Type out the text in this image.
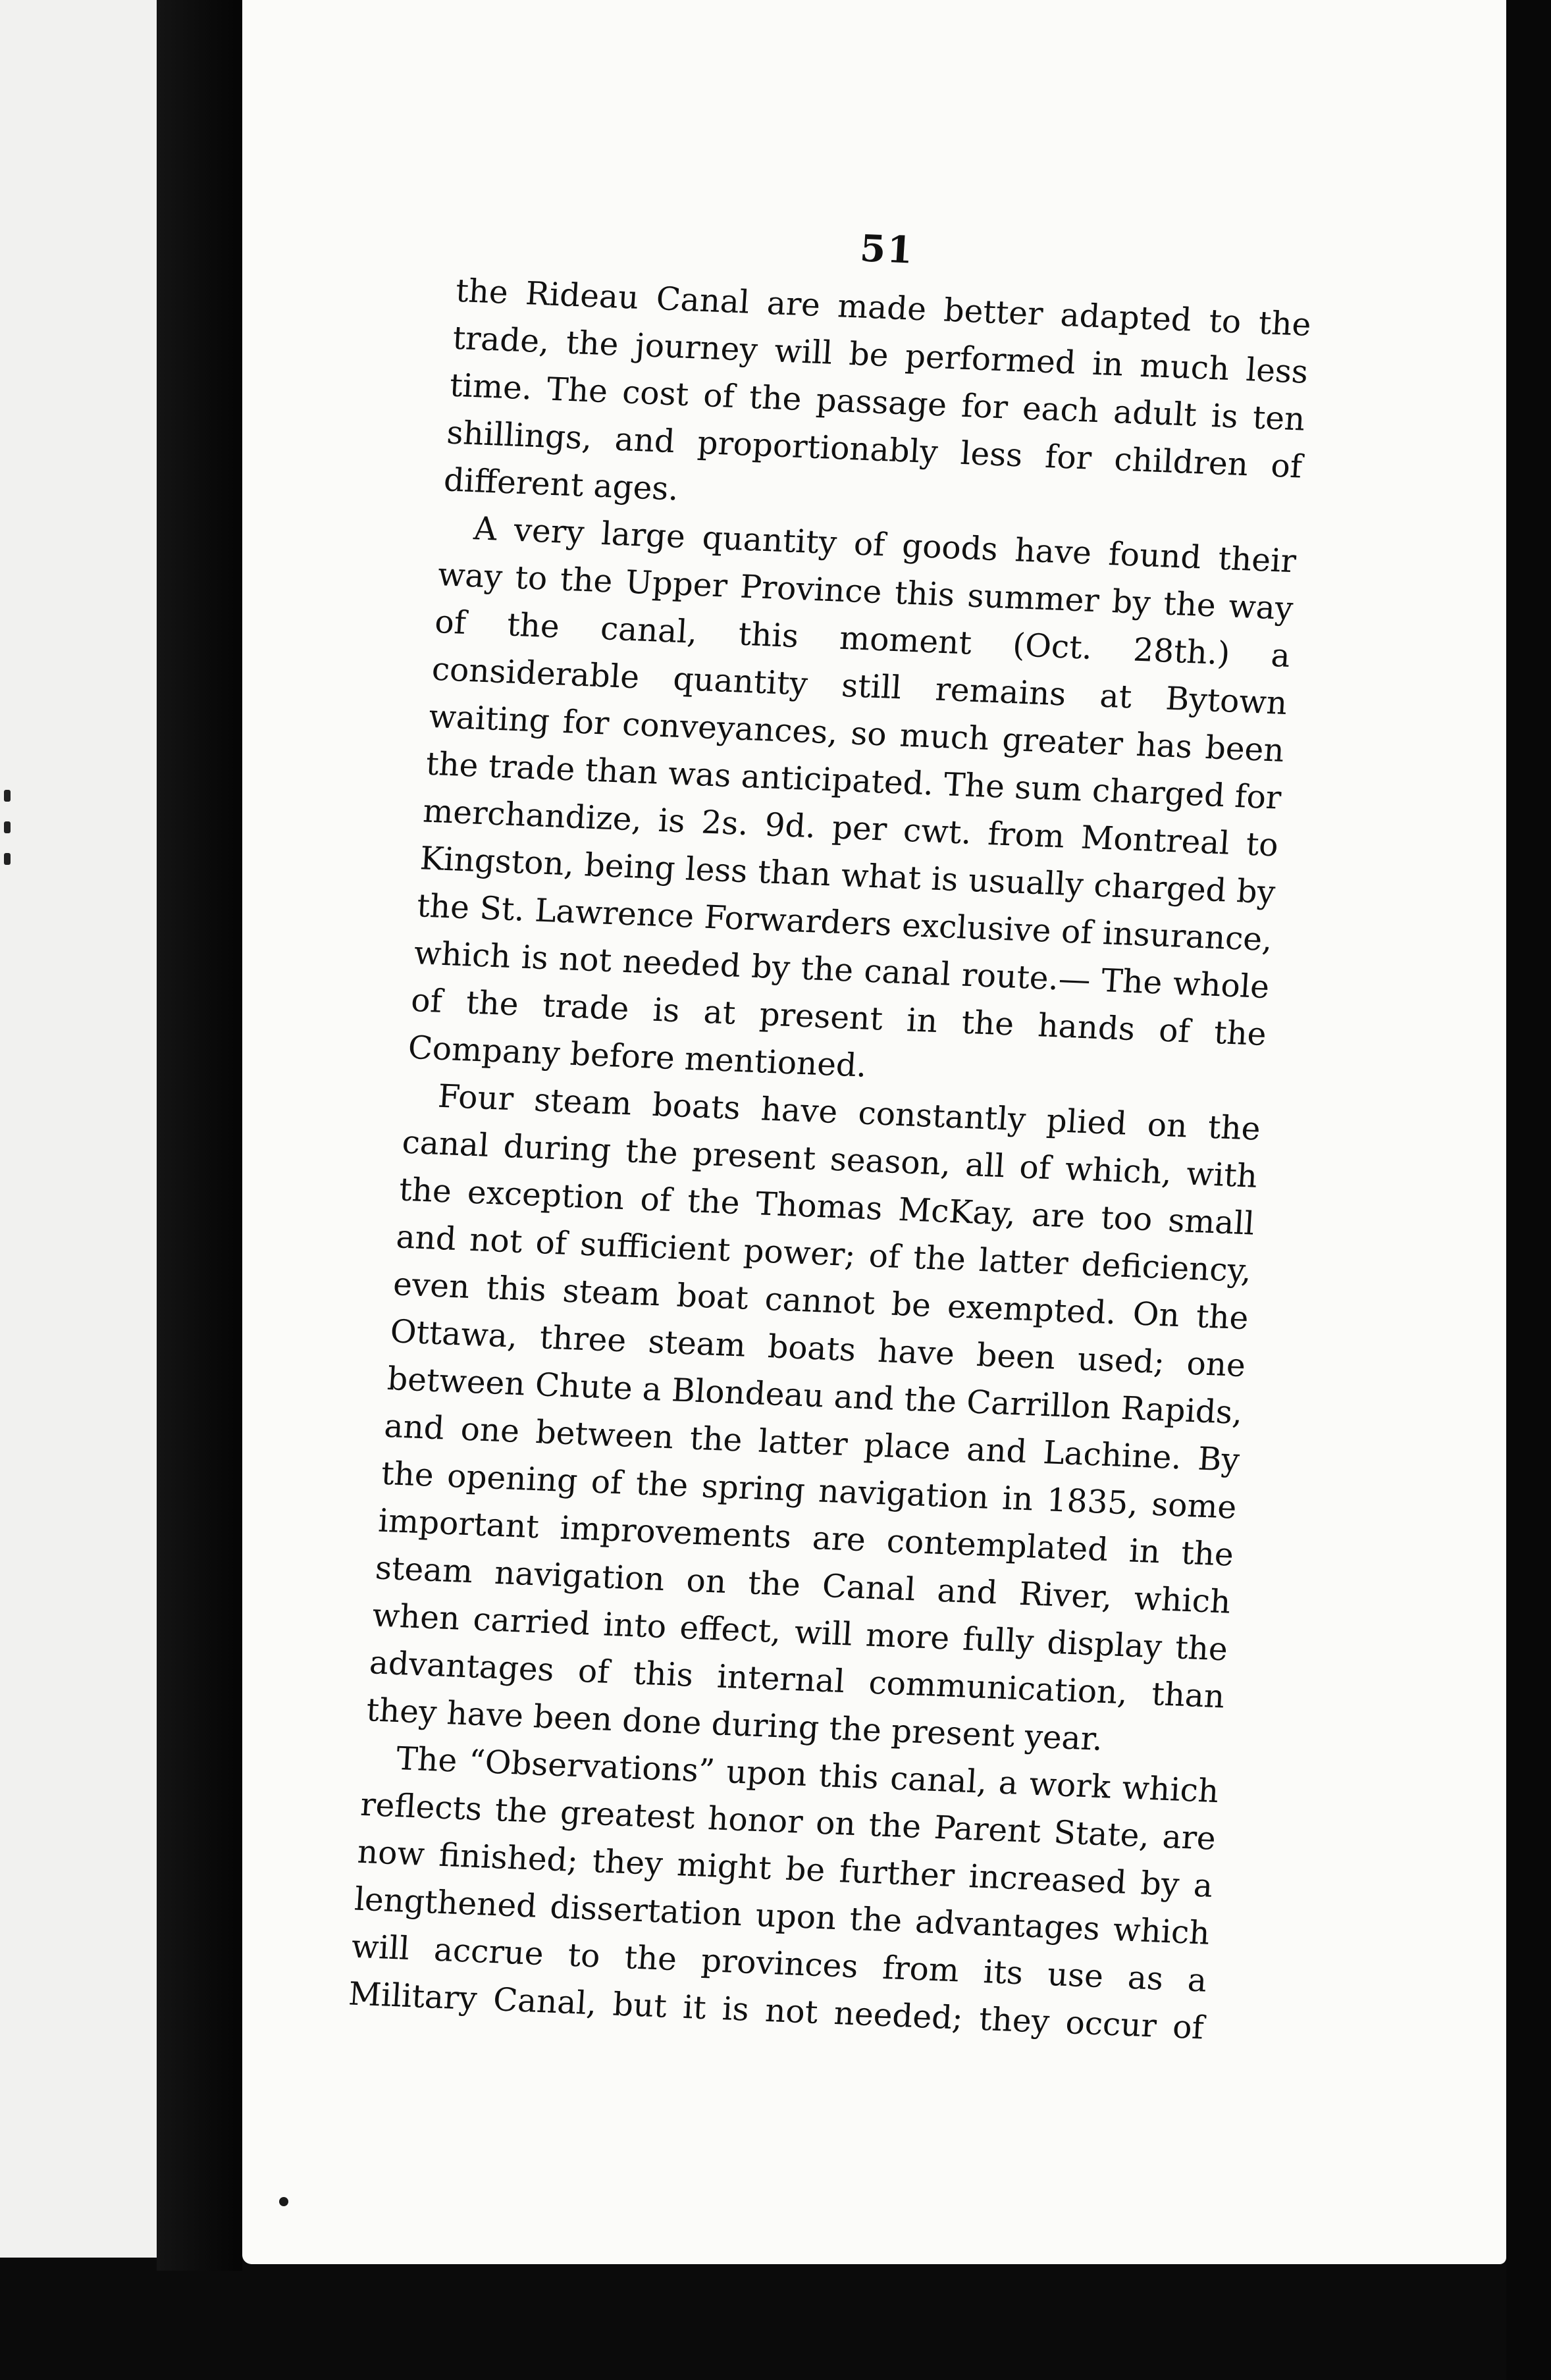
51

the Rideau Canal are made better adapted to the trade, the journey will be performed in much less time. The cost of the passage for each adult is ten shillings, and proportionably less for children of different ages.

A very large quantity of goods have found their way to the Upper Province this summer by the way of the canal, this moment (Oct. 28th.) a considerable quantity still remains at Bytown waiting for conveyances, so much greater has been the trade than was anticipated. The sum charged for merchandize, is 2s. 9d. per cwt. from Montreal to Kingston, being less than what is usually charged by the St. Lawrence Forwarders exclusive of insurance, which is not needed by the canal route.— The whole of the trade is at present in the hands of the Company before mentioned.

Four steam boats have constantly plied on the canal during the present season, all of which, with the exception of the Thomas McKay, are too small and not of sufficient power; of the latter deficiency, even this steam boat cannot be exempted. On the Ottawa, three steam boats have been used; one between Chute a Blondeau and the Carrillon Rapids, and one between the latter place and Lachine. By the opening of the spring navigation in 1835, some important improvements are contemplated in the steam navigation on the Canal and River, which when carried into effect, will more fully display the advantages of this internal communication, than they have been done during the present year.

The “Observations” upon this canal, a work which reflects the greatest honor on the Parent State, are now finished; they might be further increased by a lengthened dissertation upon the advantages which will accrue to the provinces from its use as a Military Canal, but it is not needed; they occur of
